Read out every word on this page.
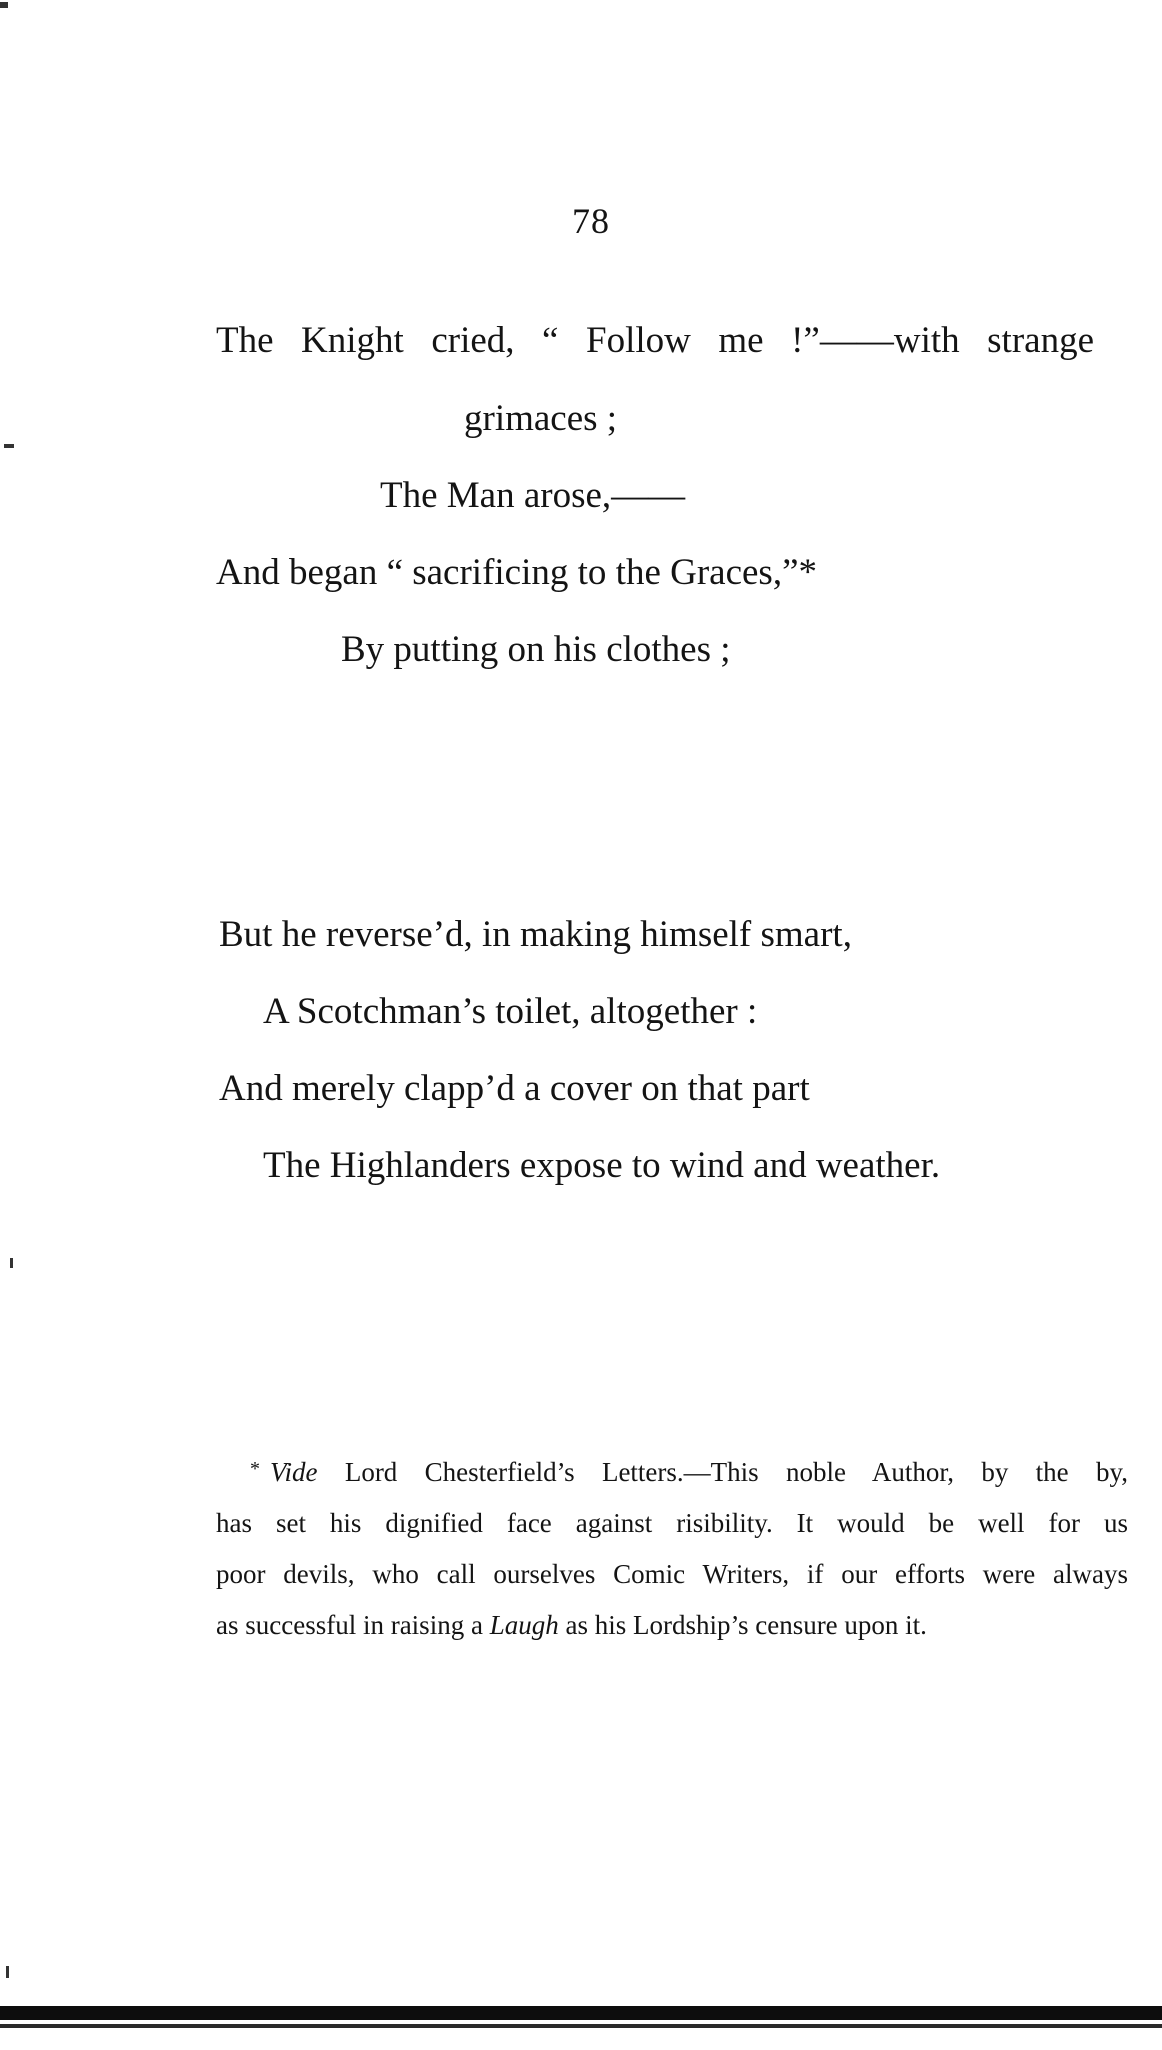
78
The Knight cried, “ Follow me !”——with strange
grimaces ;
The Man arose,——
And began “ sacrificing to the Graces,”*
By putting on his clothes ;
But he reverse’d, in making himself smart,
A Scotchman’s toilet, altogether :
And merely clapp’d a cover on that part
The Highlanders expose to wind and weather.
* Vide Lord Chesterfield’s Letters.—This noble Author, by the by,
has set his dignified face against risibility. It would be well for us
poor devils, who call ourselves Comic Writers, if our efforts were always
as successful in raising a Laugh as his Lordship’s censure upon it.
